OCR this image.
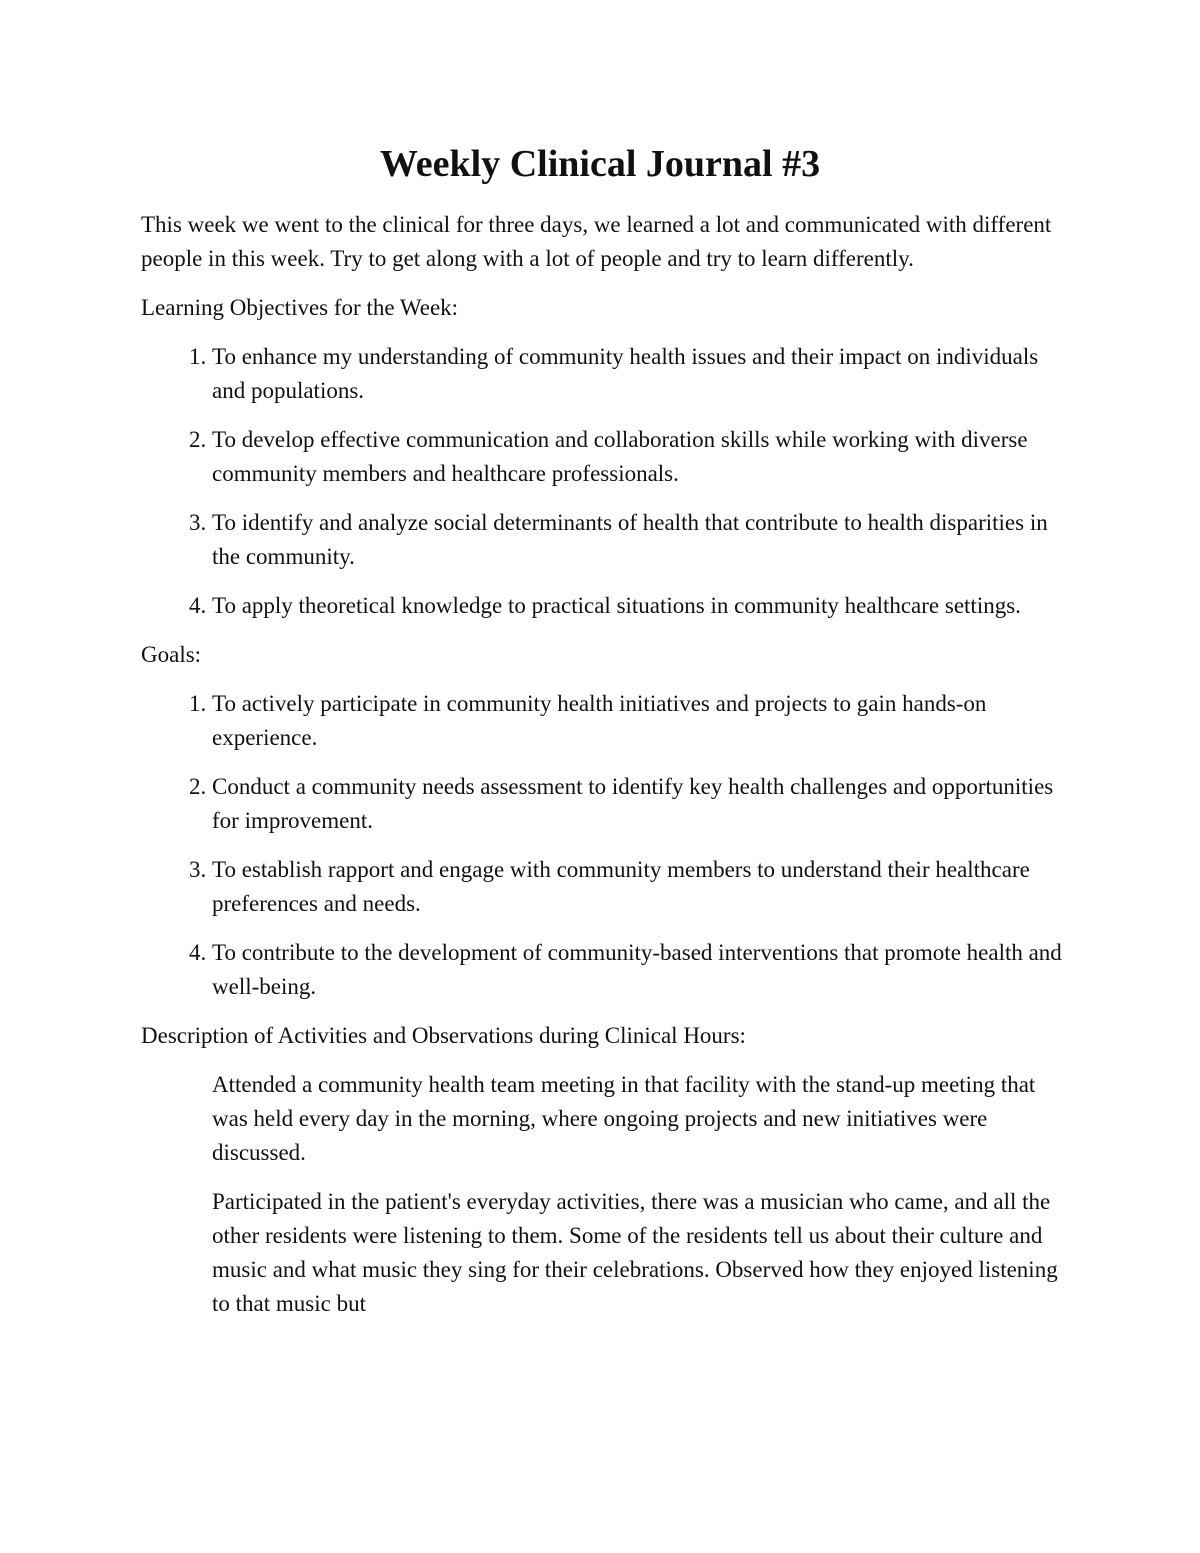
Weekly Clinical Journal #3

This week we went to the clinical for three days, we learned a lot and communicated with different people in this week. Try to get along with a lot of people and try to learn differently.

Learning Objectives for the Week:

1. To enhance my understanding of community health issues and their impact on individuals and populations.
2. To develop effective communication and collaboration skills while working with diverse community members and healthcare professionals.
3. To identify and analyze social determinants of health that contribute to health disparities in the community.
4. To apply theoretical knowledge to practical situations in community healthcare settings.

Goals:

1. To actively participate in community health initiatives and projects to gain hands-on experience.
2. Conduct a community needs assessment to identify key health challenges and opportunities for improvement.
3. To establish rapport and engage with community members to understand their healthcare preferences and needs.
4. To contribute to the development of community-based interventions that promote health and well-being.

Description of Activities and Observations during Clinical Hours:

Attended a community health team meeting in that facility with the stand-up meeting that was held every day in the morning, where ongoing projects and new initiatives were discussed.

Participated in the patient's everyday activities, there was a musician who came, and all the other residents were listening to them. Some of the residents tell us about their culture and music and what music they sing for their celebrations. Observed how they enjoyed listening to that music but
